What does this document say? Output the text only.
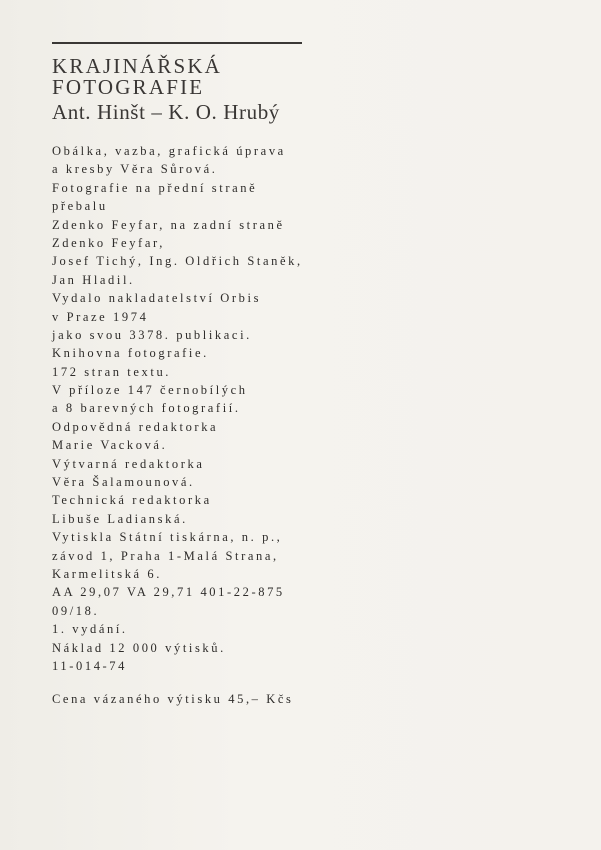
KRAJINÁŘSKÁ
FOTOGRAFIE
Ant. Hinšt – K. O. Hrubý
Obálka, vazba, grafická úprava
a kresby Věra Sůrová.
Fotografie na přední straně
přebalu
Zdenko Feyfar, na zadní straně
Zdenko Feyfar,
Josef Tichý, Ing. Oldřich Staněk,
Jan Hladil.
Vydalo nakladatelství Orbis
v Praze 1974
jako svou 3378. publikaci.
Knihovna fotografie.
172 stran textu.
V příloze 147 černobílých
a 8 barevných fotografií.
Odpovědná redaktorka
Marie Vacková.
Výtvarná redaktorka
Věra Šalamounová.
Technická redaktorka
Libuše Ladianská.
Vytiskla Státní tiskárna, n. p.,
závod 1, Praha 1-Malá Strana,
Karmelitská 6.
AA 29,07 VA 29,71 401-22-875
09/18.
1. vydání.
Náklad 12 000 výtisků.
11-014-74
Cena vázaného výtisku 45,– Kčs
